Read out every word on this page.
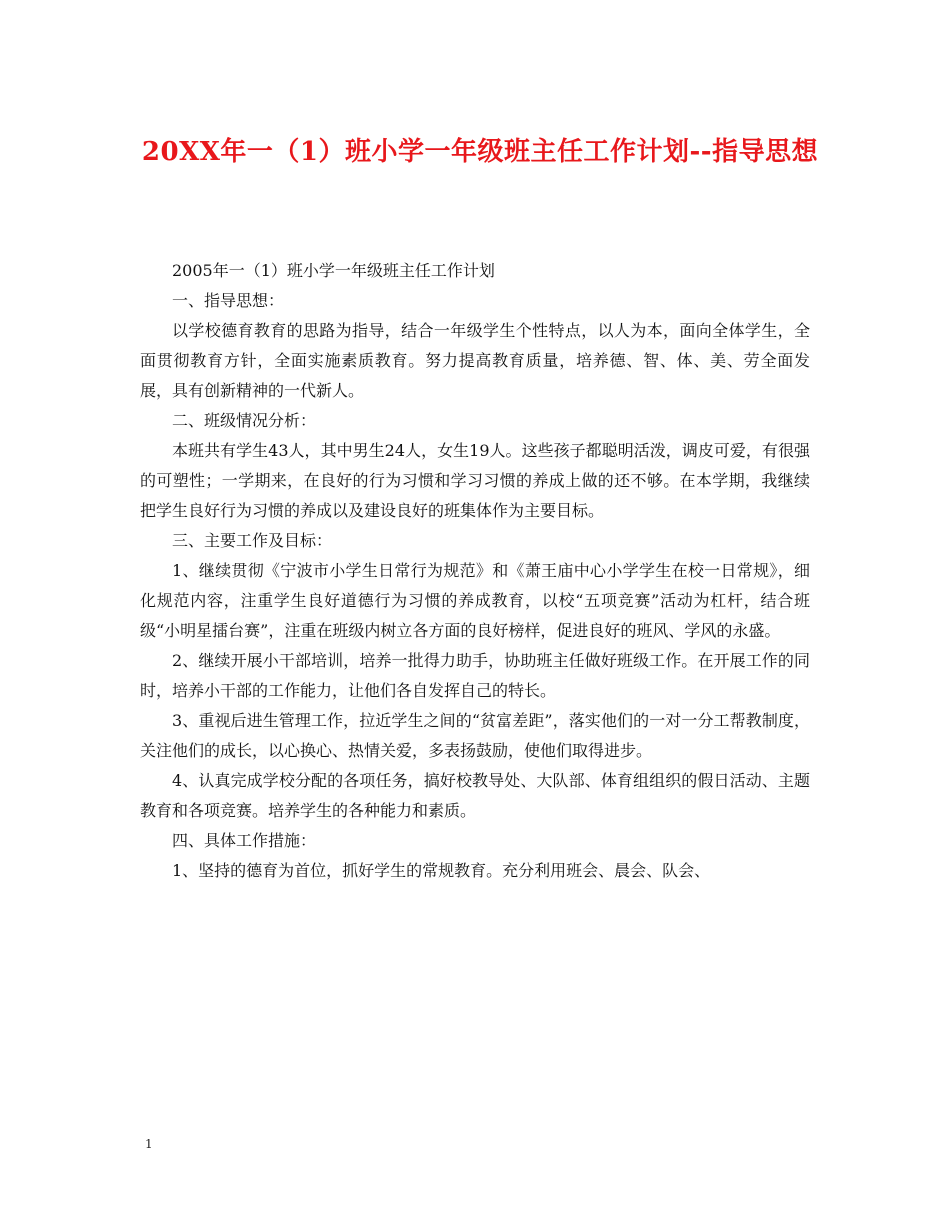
20XX年一（1）班小学一年级班主任工作计划--指导思想

2005年一（1）班小学一年级班主任工作计划

一、指导思想：

以学校德育教育的思路为指导，结合一年级学生个性特点，以人为本，面向全体学生，全面贯彻教育方针，全面实施素质教育。努力提高教育质量，培养德、智、体、美、劳全面发展，具有创新精神的一代新人。

二、班级情况分析：

本班共有学生43人，其中男生24人，女生19人。这些孩子都聪明活泼，调皮可爱，有很强的可塑性；一学期来，在良好的行为习惯和学习习惯的养成上做的还不够。在本学期，我继续把学生良好行为习惯的养成以及建设良好的班集体作为主要目标。

三、主要工作及目标：

1、继续贯彻《宁波市小学生日常行为规范》和《萧王庙中心小学学生在校一日常规》，细化规范内容，注重学生良好道德行为习惯的养成教育，以校“五项竞赛”活动为杠杆，结合班级“小明星擂台赛”，注重在班级内树立各方面的良好榜样，促进良好的班风、学风的永盛。

2、继续开展小干部培训，培养一批得力助手，协助班主任做好班级工作。在开展工作的同时，培养小干部的工作能力，让他们各自发挥自己的特长。

3、重视后进生管理工作，拉近学生之间的“贫富差距”，落实他们的一对一分工帮教制度，关注他们的成长，以心换心、热情关爱，多表扬鼓励，使他们取得进步。

4、认真完成学校分配的各项任务，搞好校教导处、大队部、体育组组织的假日活动、主题教育和各项竞赛。培养学生的各种能力和素质。

四、具体工作措施：

1、坚持的德育为首位，抓好学生的常规教育。充分利用班会、晨会、队会、

1
